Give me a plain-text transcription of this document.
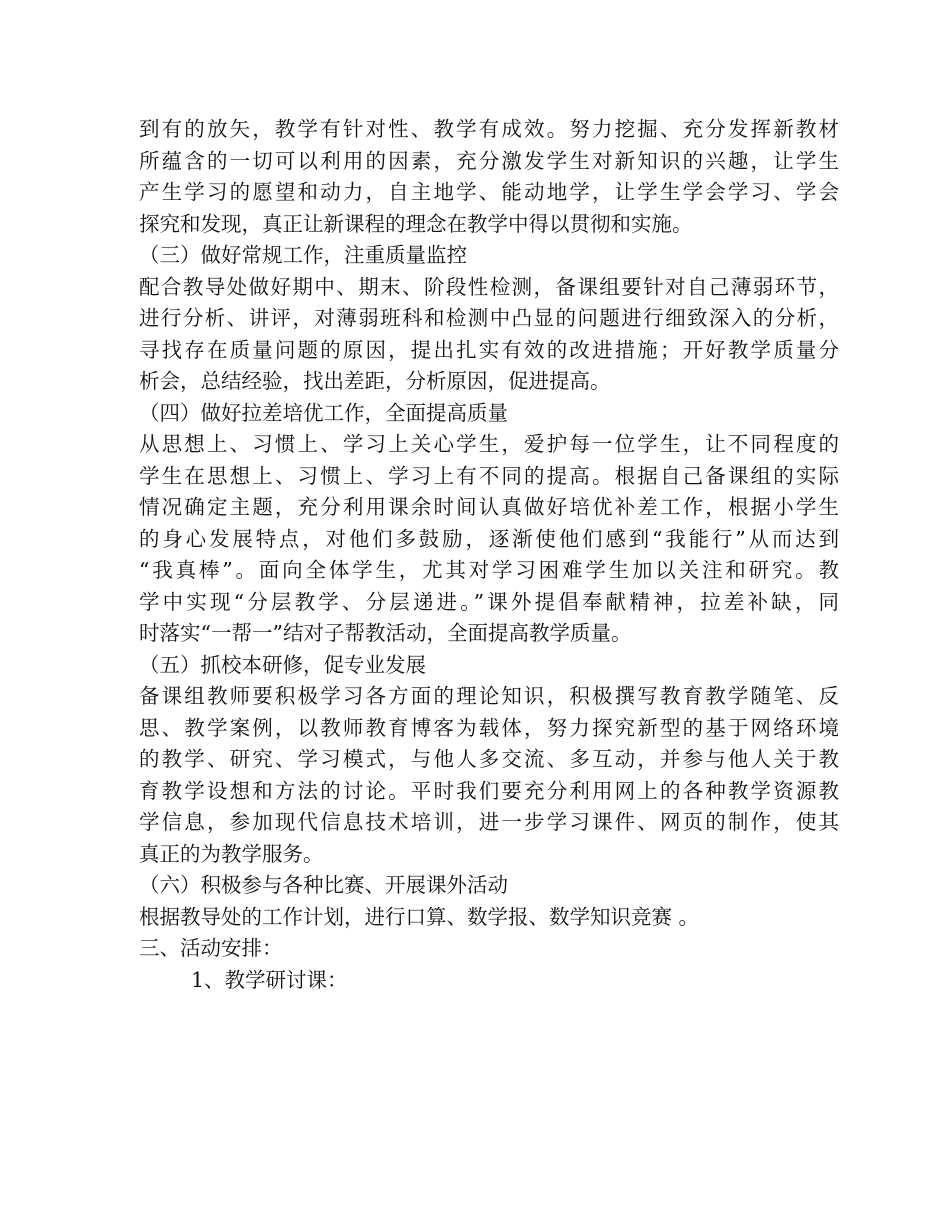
到有的放矢，教学有针对性、教学有成效。努力挖掘、充分发挥新教材
所蕴含的一切可以利用的因素，充分激发学生对新知识的兴趣，让学生
产生学习的愿望和动力，自主地学、能动地学，让学生学会学习、学会
探究和发现，真正让新课程的理念在教学中得以贯彻和实施。
（三）做好常规工作，注重质量监控
配合教导处做好期中、期末、阶段性检测，备课组要针对自己薄弱环节，
进行分析、讲评，对薄弱班科和检测中凸显的问题进行细致深入的分析，
寻找存在质量问题的原因，提出扎实有效的改进措施；开好教学质量分
析会，总结经验，找出差距，分析原因，促进提高。
（四）做好拉差培优工作，全面提高质量
从思想上、习惯上、学习上关心学生，爱护每一位学生，让不同程度的
学生在思想上、习惯上、学习上有不同的提高。根据自己备课组的实际
情况确定主题，充分利用课余时间认真做好培优补差工作，根据小学生
的身心发展特点，对他们多鼓励，逐渐使他们感到“我能行”从而达到
“我真棒”。面向全体学生，尤其对学习困难学生加以关注和研究。教
学中实现“分层教学、分层递进。”课外提倡奉献精神，拉差补缺，同
时落实“一帮一”结对子帮教活动，全面提高教学质量。
（五）抓校本研修，促专业发展
备课组教师要积极学习各方面的理论知识，积极撰写教育教学随笔、反
思、教学案例，以教师教育博客为载体，努力探究新型的基于网络环境
的教学、研究、学习模式，与他人多交流、多互动，并参与他人关于教
育教学设想和方法的讨论。平时我们要充分利用网上的各种教学资源教
学信息，参加现代信息技术培训，进一步学习课件、网页的制作，使其
真正的为教学服务。
（六）积极参与各种比赛、开展课外活动
根据教导处的工作计划，进行口算、数学报、数学知识竞赛 。
三、活动安排：
1、教学研讨课：
